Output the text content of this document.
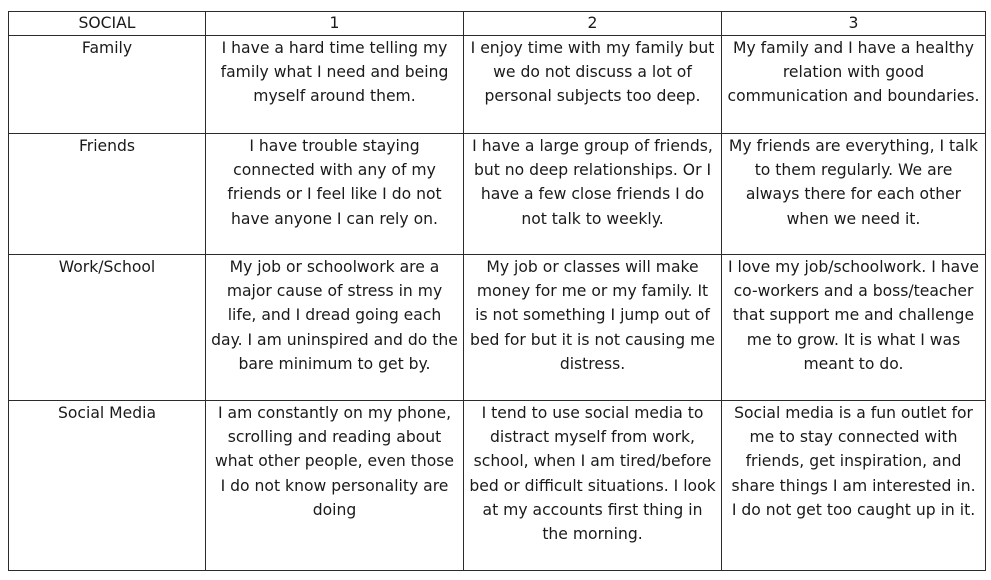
SOCIAL	1	2	3
Family	I have a hard time telling my family what I need and being myself around them.	I enjoy time with my family but we do not discuss a lot of personal subjects too deep.	My family and I have a healthy relation with good communication and boundaries.
Friends	I have trouble staying connected with any of my friends or I feel like I do not have anyone I can rely on.	I have a large group of friends, but no deep relationships. Or I have a few close friends I do not talk to weekly.	My friends are everything, I talk to them regularly. We are always there for each other when we need it.
Work/School	My job or schoolwork are a major cause of stress in my life, and I dread going each day. I am uninspired and do the bare minimum to get by.	My job or classes will make money for me or my family. It is not something I jump out of bed for but it is not causing me distress.	I love my job/schoolwork. I have co-workers and a boss/teacher that support me and challenge me to grow. It is what I was meant to do.
Social Media	I am constantly on my phone, scrolling and reading about what other people, even those I do not know personality are doing	I tend to use social media to distract myself from work, school, when I am tired/before bed or difficult situations. I look at my accounts first thing in the morning.	Social media is a fun outlet for me to stay connected with friends, get inspiration, and share things I am interested in. I do not get too caught up in it.
